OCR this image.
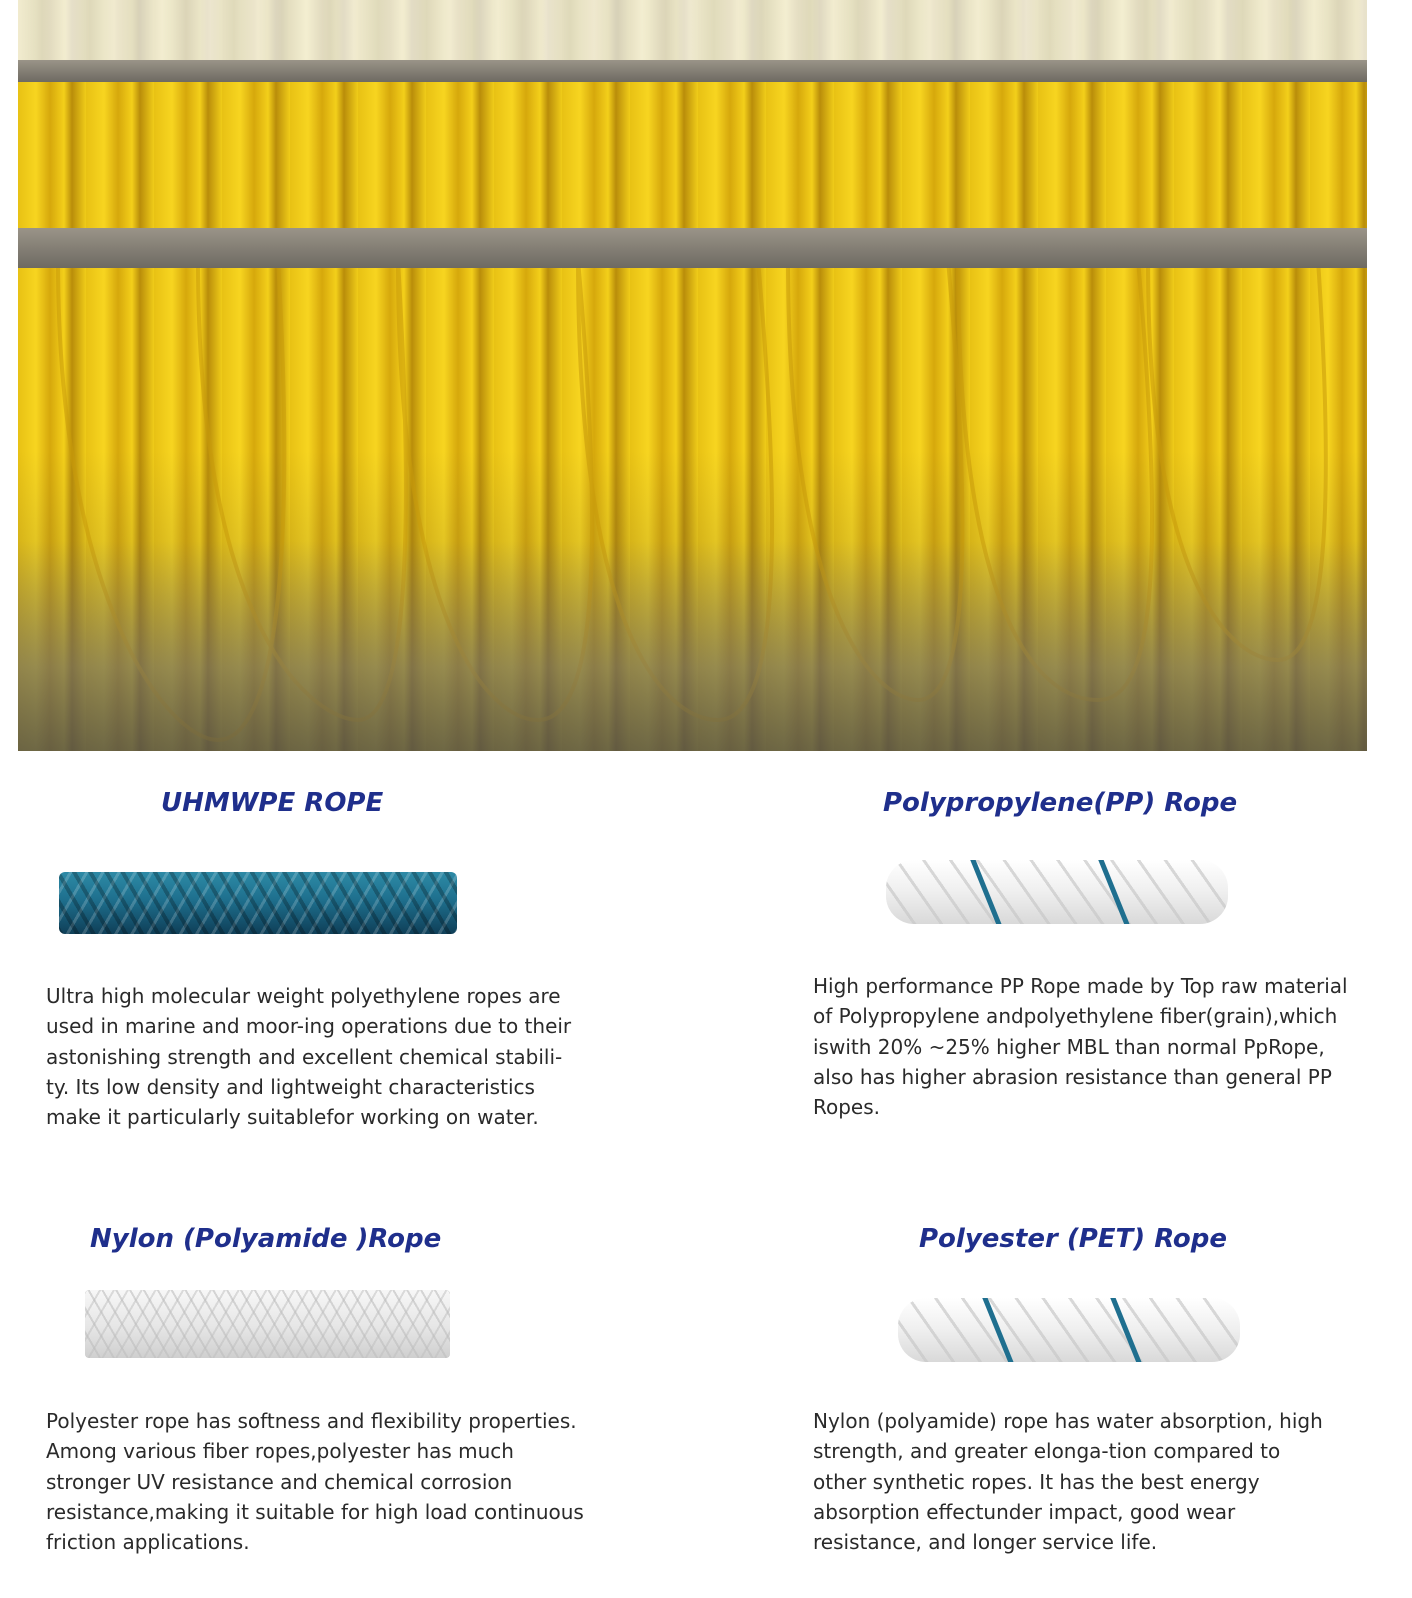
UHMWPE ROPE

Ultra high molecular weight polyethylene ropes are used in marine and moor-ing operations due to their astonishing strength and excellent chemical stabili-ty. Its low density and lightweight characteristics make it particularly suitablefor working on water.

Polypropylene(PP) Rope

High performance PP Rope made by Top raw material of Polypropylene andpolyethylene fiber(grain),which iswith 20% ~25% higher MBL than normal PpRope, also has higher abrasion resistance than general PP Ropes.

Nylon (Polyamide )Rope

Polyester rope has softness and flexibility properties. Among various fiber ropes,polyester has much stronger UV resistance and chemical corrosion resistance,making it suitable for high load continuous friction applications.

Polyester (PET) Rope

Nylon (polyamide) rope has water absorption, high strength, and greater elonga-tion compared to other synthetic ropes. It has the best energy absorption effectunder impact, good wear resistance, and longer service life.
